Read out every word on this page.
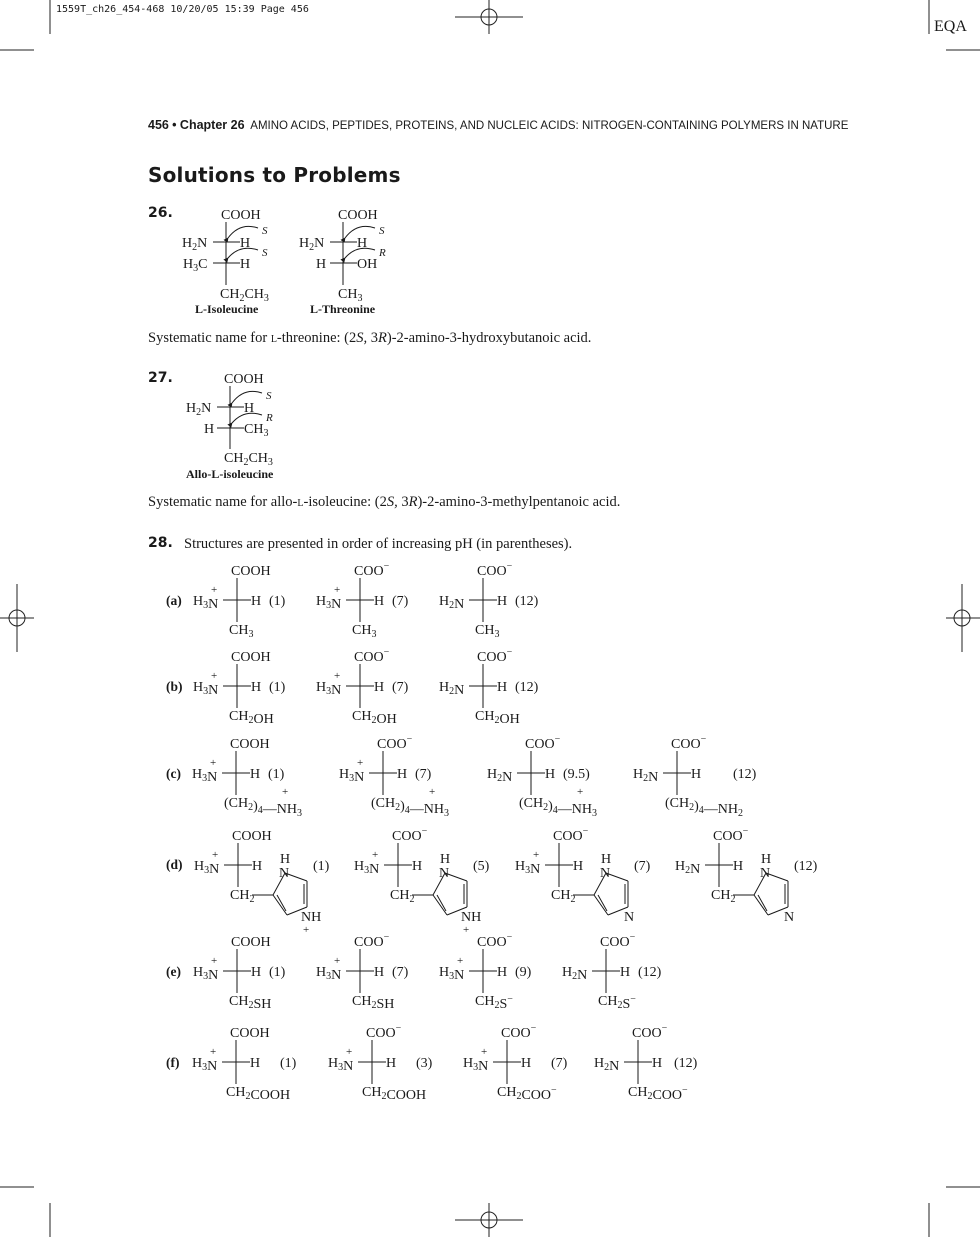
1559T_ch26_454-468 10/20/05 15:39 Page 456
EQA
456 • Chapter 26 AMINO ACIDS, PEPTIDES, PROTEINS, AND NUCLEIC ACIDS: NITROGEN-CONTAINING POLYMERS IN NATURE
Solutions to Problems
26.
L-Isoleucine	L-Threonine
Systematic name for l-threonine: (2S, 3R)-2-amino-3-hydroxybutanoic acid.
27.
Allo-L-isoleucine
Systematic name for allo-l-isoleucine: (2S, 3R)-2-amino-3-methylpentanoic acid.
28. Structures are presented in order of increasing pH (in parentheses).
(a)
(b)
(c)
(d)
(e)
(f)
COOH
$H_2N$ H
$H_3C$ H
S
S
$CH_2CH_3$
COOH
$H_2N$ H
H OH
S
R
$CH_3$
COOH
$H_2N$ H
H $CH_3$
S
R
$CH_2CH_3$
COOH
$H_3N$
+
H (1)
$CH_3$
COO−
$H_3N$
+
H (7)
$CH_3$
COO−
$H_2N$ H (12)
$CH_3$
COOH
$H_3N$
+
H (1)
$CH_2OH$
COO−
$H_3N$
+
H (7)
$CH_2OH$
COO−
$H_2N$ H (12)
$CH_2OH$
COOH
$H_3N$
+
H (1)
$(CH_2)_4—NH_3$
+
COO−
$H_3N$
+
H (7)
$(CH_2)_4—NH_3$
+
COO−
$H_2N$ H (9.5)
$(CH_2)_4—NH_3$
+
COO−
$H_2N$ H (12)
$(CH_2)_4—NH_2$
COOH
$H_3N$
+
H
$CH_2$
H
N
NH
+
(1)
COO−
$H_3N$
+
H
$CH_2$
H
N
NH
+
(5)
COO−
$H_3N$
+
H
$CH_2$
H
N
N
(7)
COO−
$H_2N$ H
$CH_2$
H
N
N
(12)
COOH
$H_3N$
+
H (1)
$CH_2SH$
COO−
$H_3N$
+
H (7)
$CH_2SH$
COO−
$H_3N$
+
H (9)
$CH_2S^-$
COO−
$H_2N$ H (12)
$CH_2S^-$
COOH
$H_3N$
+
H (1)
$CH_2COOH$
COO−
$H_3N$
+
H (3)
$CH_2COOH$
COO−
$H_3N$
+
H (7)
$CH_2COO^-$
COO−
$H_2N$ H (12)
$CH_2COO^-$
